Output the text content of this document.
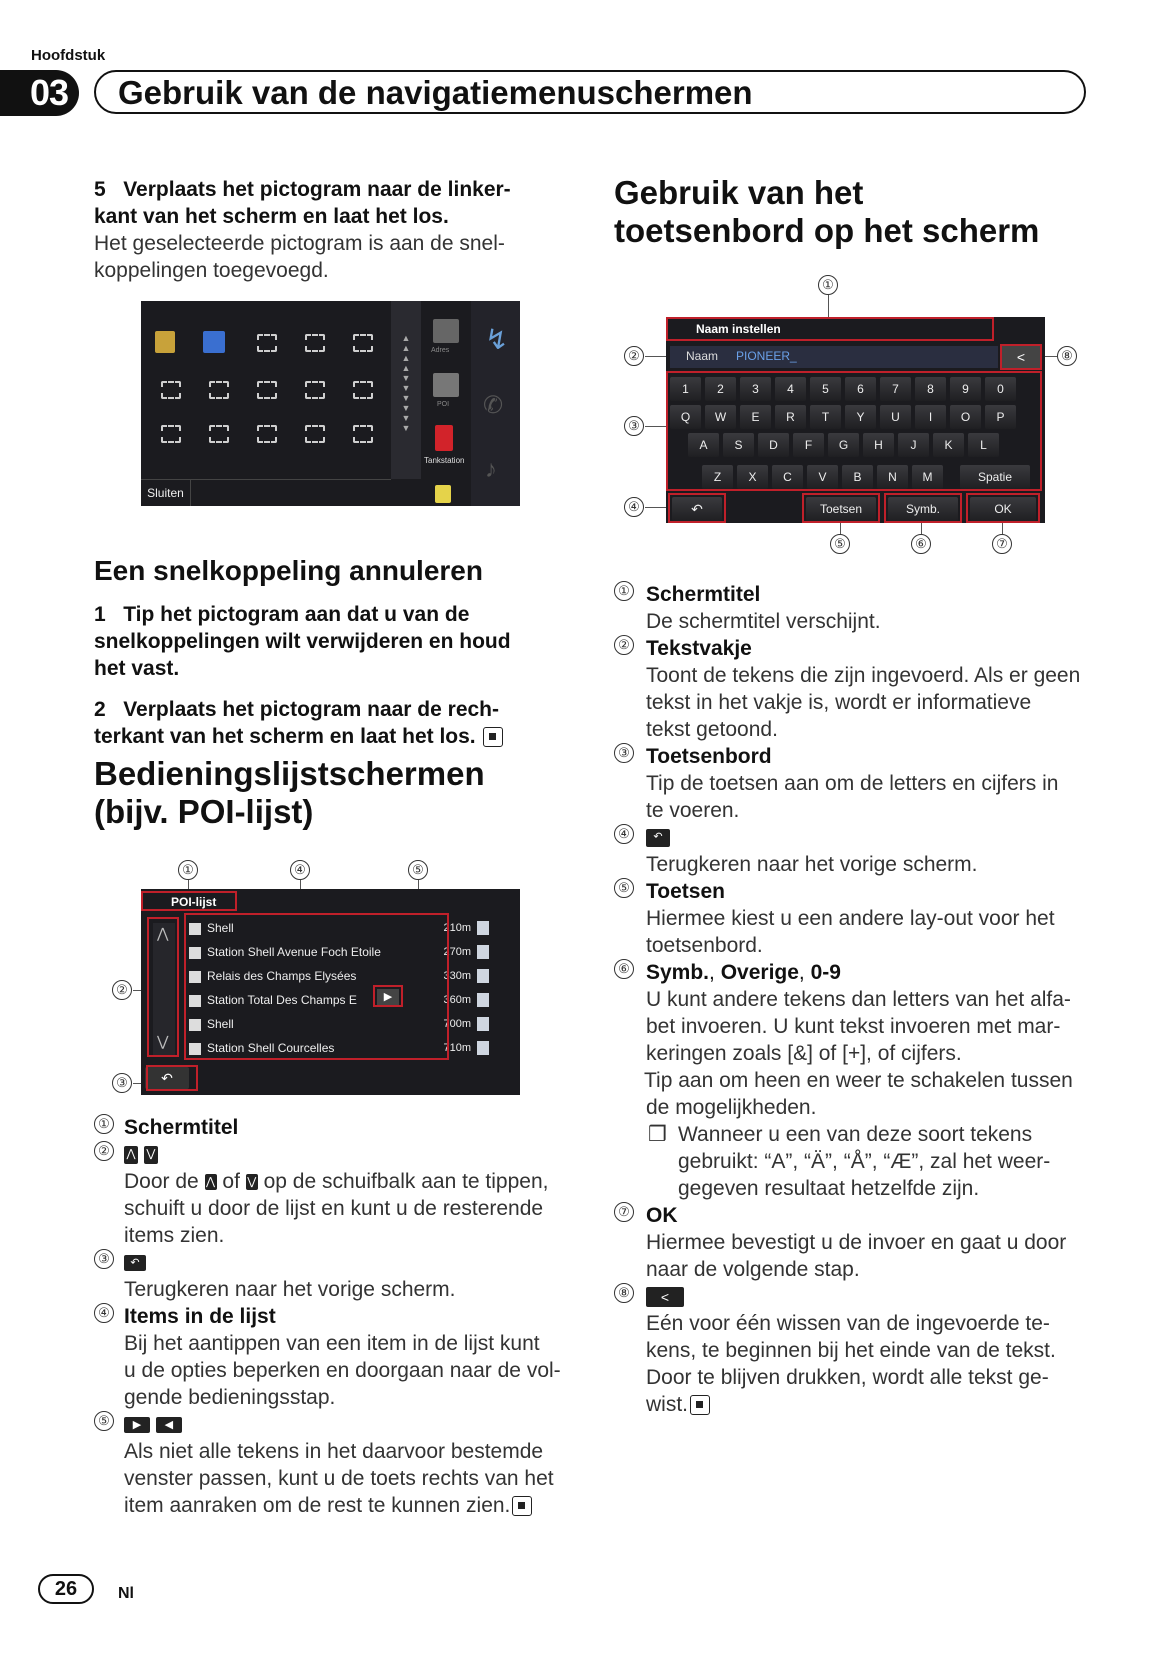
Hoofdstuk
03	Gebruik van de navigatiemenuschermen
5 Verplaats het pictogram naar de linker-
kant van het scherm en laat het los.
Het geselecteerde pictogram is aan de snel-
koppelingen toegevoegd.
▲
▲
▲
▲
▼
▼
▼
▼
▼
▼
Adres
POI
Tankstation
↯
✆
♪
Sluiten
Een snelkoppeling annuleren
1 Tip het pictogram aan dat u van de
snelkoppelingen wilt verwijderen en houd
het vast.
2 Verplaats het pictogram naar de rech-
terkant van het scherm en laat het los.
Bedieningslijstschermen
(bijv. POI-lijst)
①	④	⑤
②
③
POI-lijst
⋀
⋁
↶
Shell	210m
Station Shell Avenue Foch Etoile	270m
Relais des Champs Elysées	330m
Station Total Des Champs E	360m
Shell	700m
Station Shell Courcelles	710m
▶
① Schermtitel
②	⋀ ⋁
Door de ⋀ of ⋁ op de schuifbalk aan te tippen,
schuift u door de lijst en kunt u de resterende
items zien.
③	↶
Terugkeren naar het vorige scherm.
④ Items in de lijst
Bij het aantippen van een item in de lijst kunt
u de opties beperken en doorgaan naar de vol-
gende bedieningsstap.
⑤	▶ ◀
Als niet alle tekens in het daarvoor bestemde
venster passen, kunt u de toets rechts van het
item aanraken om de rest te kunnen zien.
Gebruik van het
toetsenbord op het scherm
①
②
③
④
⑧
⑤	⑥	⑦
Naam instellen
Naam PIONEER_	<
1	2	3	4	5	6	7	8	9	0
Q	W	E	R	T	Y	U	I	O	P
A	S	D	F	G	H	J	K	L
Z	X	C	V	B	N	M	Spatie
↶	Toetsen	Symb.	OK
① Schermtitel
De schermtitel verschijnt.
② Tekstvakje
Toont de tekens die zijn ingevoerd. Als er geen
tekst in het vakje is, wordt er informatieve
tekst getoond.
③ Toetsenbord
Tip de toetsen aan om de letters en cijfers in
te voeren.
④	↶
Terugkeren naar het vorige scherm.
⑤ Toetsen
Hiermee kiest u een andere lay-out voor het
toetsenbord.
⑥ Symb., Overige, 0-9
U kunt andere tekens dan letters van het alfa-
bet invoeren. U kunt tekst invoeren met mar-
keringen zoals [&] of [+], of cijfers.
Tip aan om heen en weer te schakelen tussen
de mogelijkheden.
❒ Wanneer u een van deze soort tekens
gebruikt: “A”, “Ä”, “Å”, “Æ”, zal het weer-
gegeven resultaat hetzelfde zijn.
⑦ OK
Hiermee bevestigt u de invoer en gaat u door
naar de volgende stap.
⑧ <
Eén voor één wissen van de ingevoerde te-
kens, te beginnen bij het einde van de tekst.
Door te blijven drukken, wordt alle tekst ge-
wist.
26	Nl
